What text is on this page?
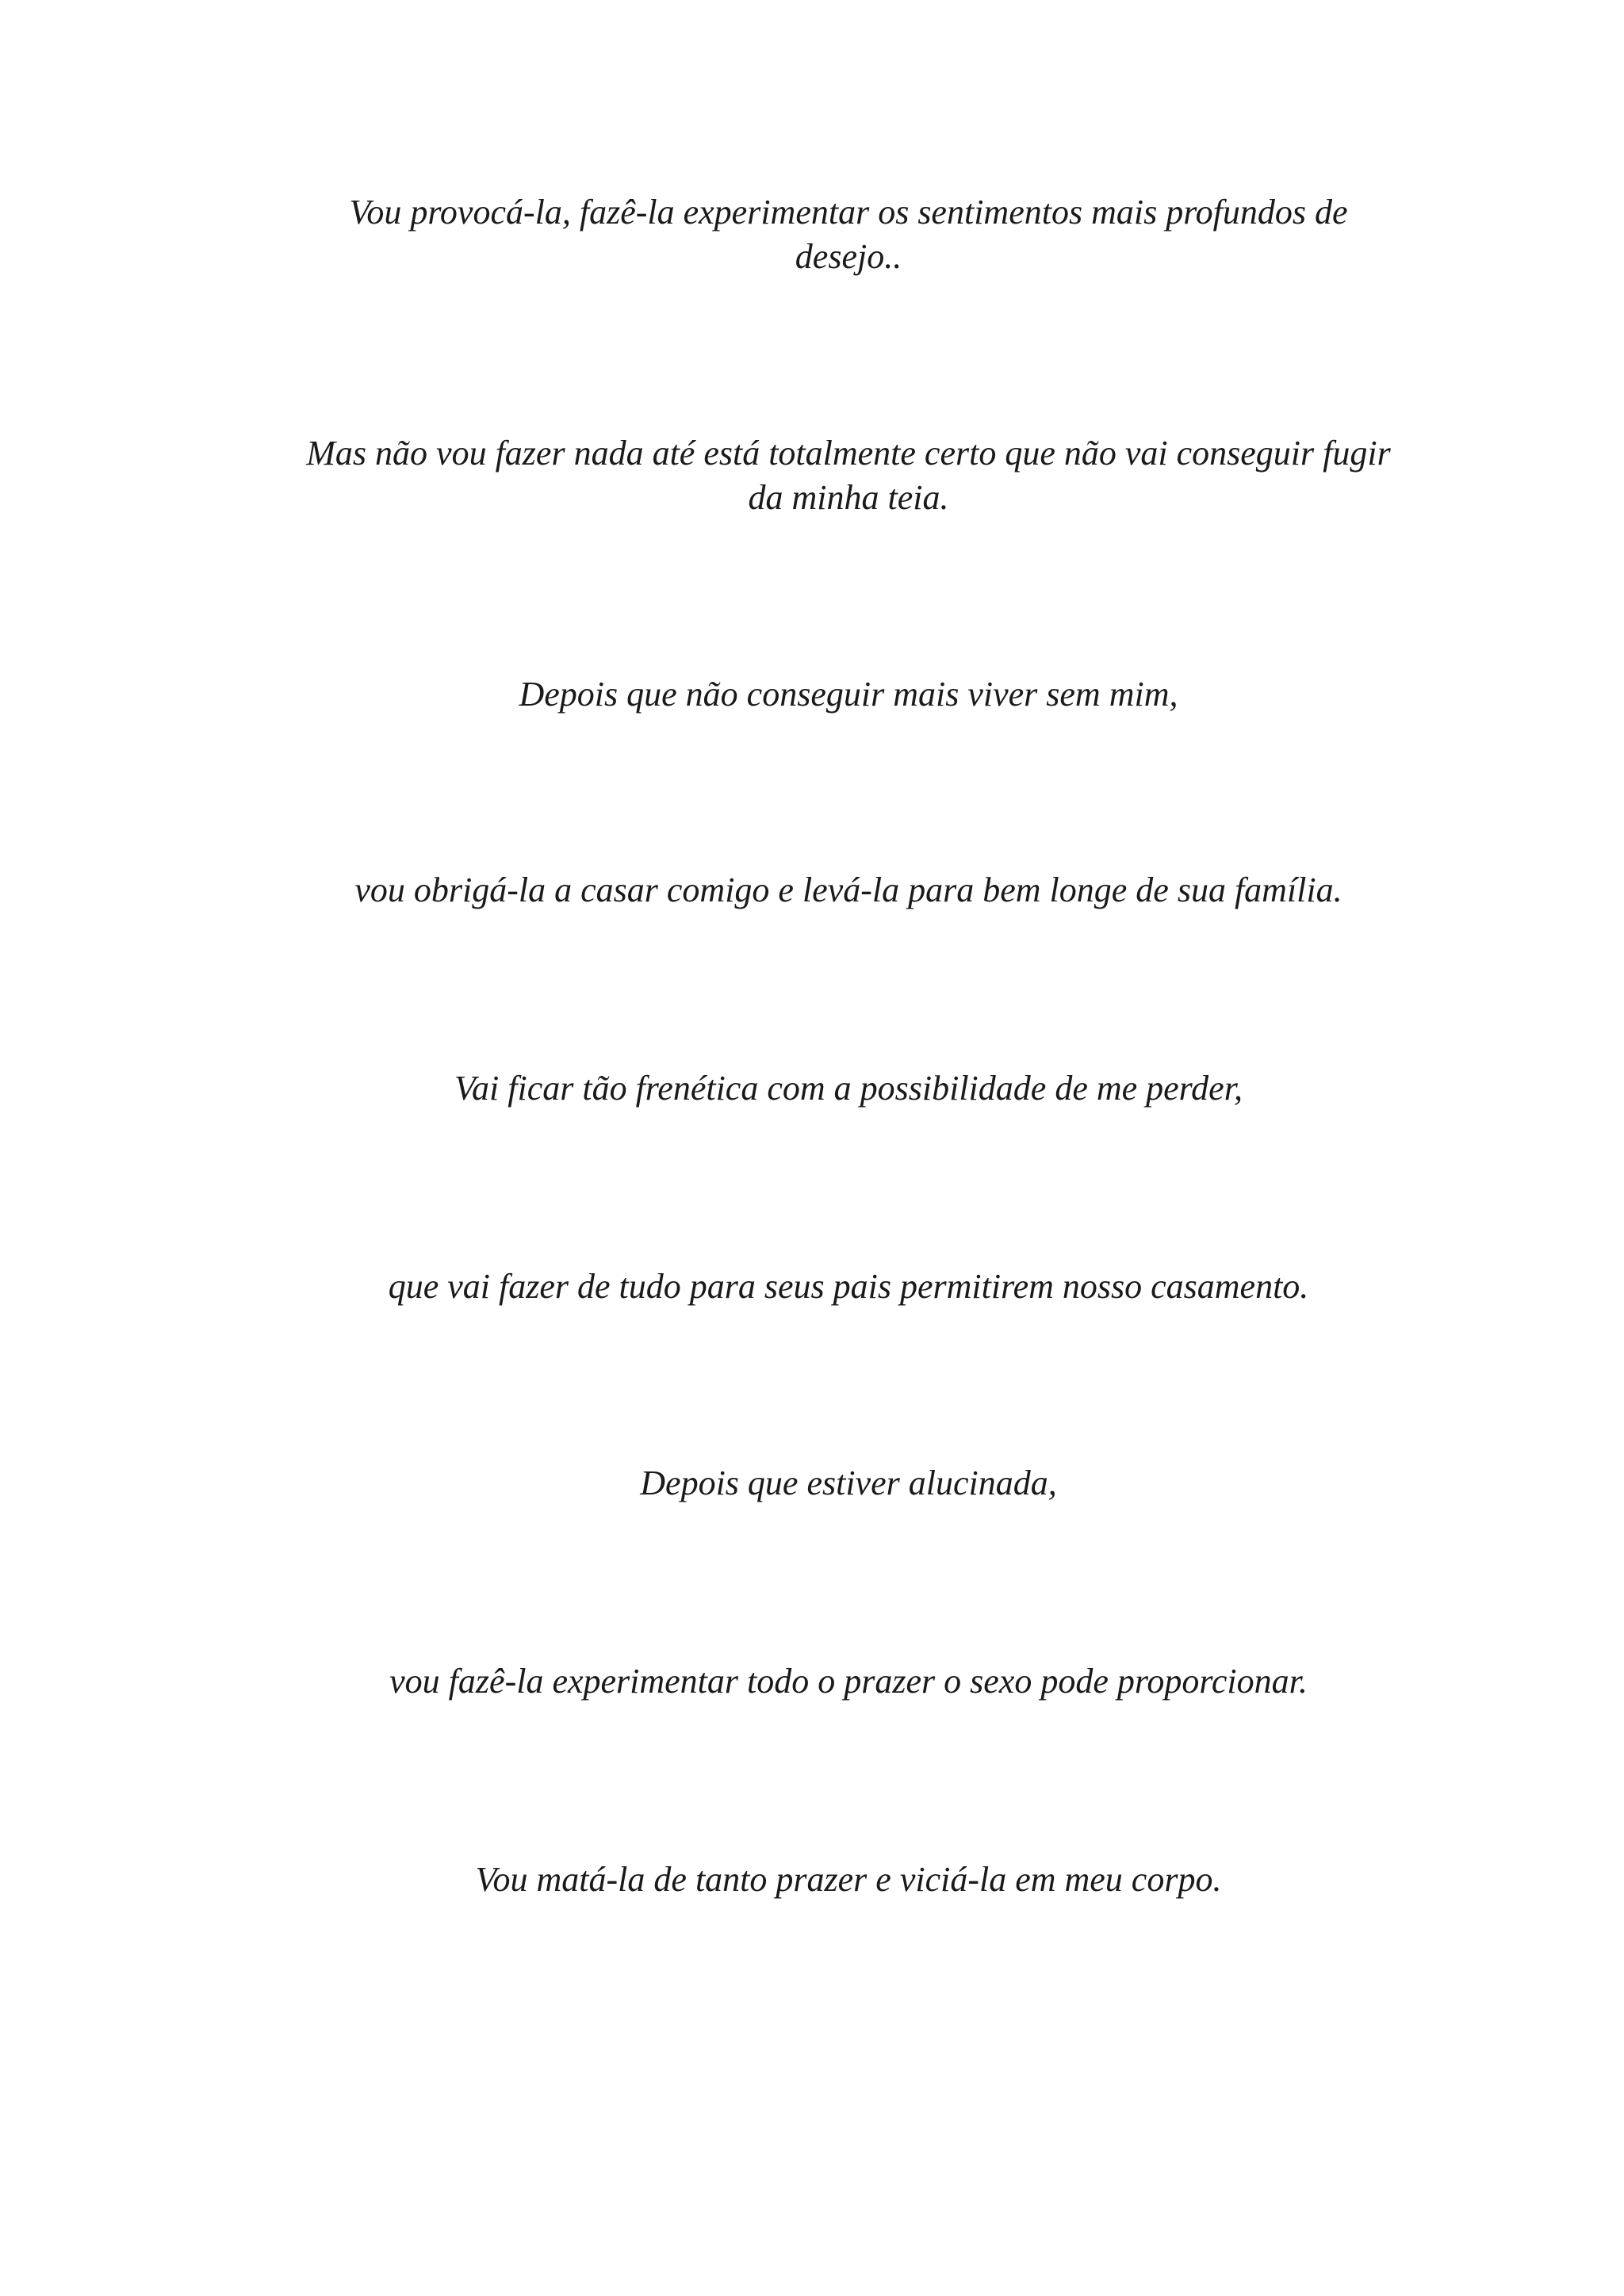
Vou provocá-la, fazê-la experimentar os sentimentos mais profundos de desejo..

Mas não vou fazer nada até está totalmente certo que não vai conseguir fugir da minha teia.

Depois que não conseguir mais viver sem mim,

vou obrigá-la a casar comigo e levá-la para bem longe de sua família.

Vai ficar tão frenética com a possibilidade de me perder,

que vai fazer de tudo para seus pais permitirem nosso casamento.

Depois que estiver alucinada,

vou fazê-la experimentar todo o prazer o sexo pode proporcionar.

Vou matá-la de tanto prazer e viciá-la em meu corpo.
